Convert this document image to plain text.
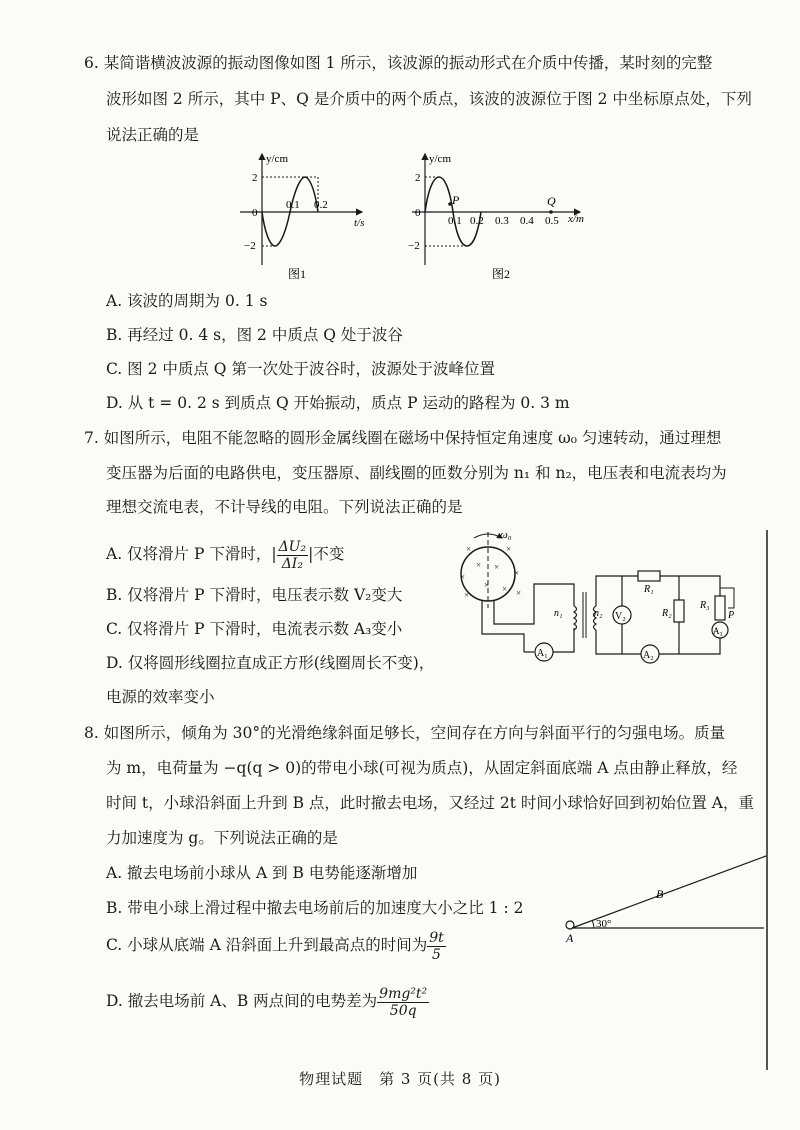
6. 某简谐横波波源的振动图像如图 1 所示，该波源的振动形式在介质中传播，某时刻的完整
波形如图 2 所示，其中 P、Q 是介质中的两个质点，该波的波源位于图 2 中坐标原点处，下列
说法正确的是
y/cm
t/s
2
0
−2
0.1 0.2
图1
y/cm
x/m
2
0
−2
P	Q
0.1 0.2 0.3 0.4 0.5
图2
A. 该波的周期为 0. 1 s
B. 再经过 0. 4 s，图 2 中质点 Q 处于波谷
C. 图 2 中质点 Q 第一次处于波谷时，波源处于波峰位置
D. 从 t = 0. 2 s 到质点 Q 开始振动，质点 P 运动的路程为 0. 3 m
7. 如图所示，电阻不能忽略的圆形金属线圈在磁场中保持恒定角速度 ω₀ 匀速转动，通过理想
变压器为后面的电路供电，变压器原、副线圈的匝数分别为 n₁ 和 n₂，电压表和电流表均为
理想交流电表，不计导线的电阻。下列说法正确的是
A. 仅将滑片 P 下滑时，| $\frac{\text{ΔU₂}}{\text{ΔI₂}}$ |不变
B. 仅将滑片 P 下滑时，电压表示数 V₂变大
C. 仅将滑片 P 下滑时，电流表示数 A₃变小
D. 仅将圆形线圈拉直成正方形(线圈周长不变)，
电源的效率变小
ω₀
×	×
× ×
×
×
× ×
×	×
A₁
n₁	n₂ V₂
R₁
R₂
A₂
R₃
P
A₃
8. 如图所示，倾角为 30°的光滑绝缘斜面足够长，空间存在方向与斜面平行的匀强电场。质量
为 m，电荷量为 −q(q > 0)的带电小球(可视为质点)，从固定斜面底端 A 点由静止释放，经
时间 t，小球沿斜面上升到 B 点，此时撤去电场，又经过 2t 时间小球恰好回到初始位置 A，重
力加速度为 g。下列说法正确的是
A. 撤去电场前小球从 A 到 B 电势能逐渐增加
B. 带电小球上滑过程中撤去电场前后的加速度大小之比 1 : 2
C. 小球从底端 A 沿斜面上升到最高点的时间为 $\frac{9t}{5}$
D. 撤去电场前 A、B 两点间的电势差为 $\frac{\text{9mg²t²}}{50q}$
30°
A
B
物理试题　第 3 页(共 8 页)
